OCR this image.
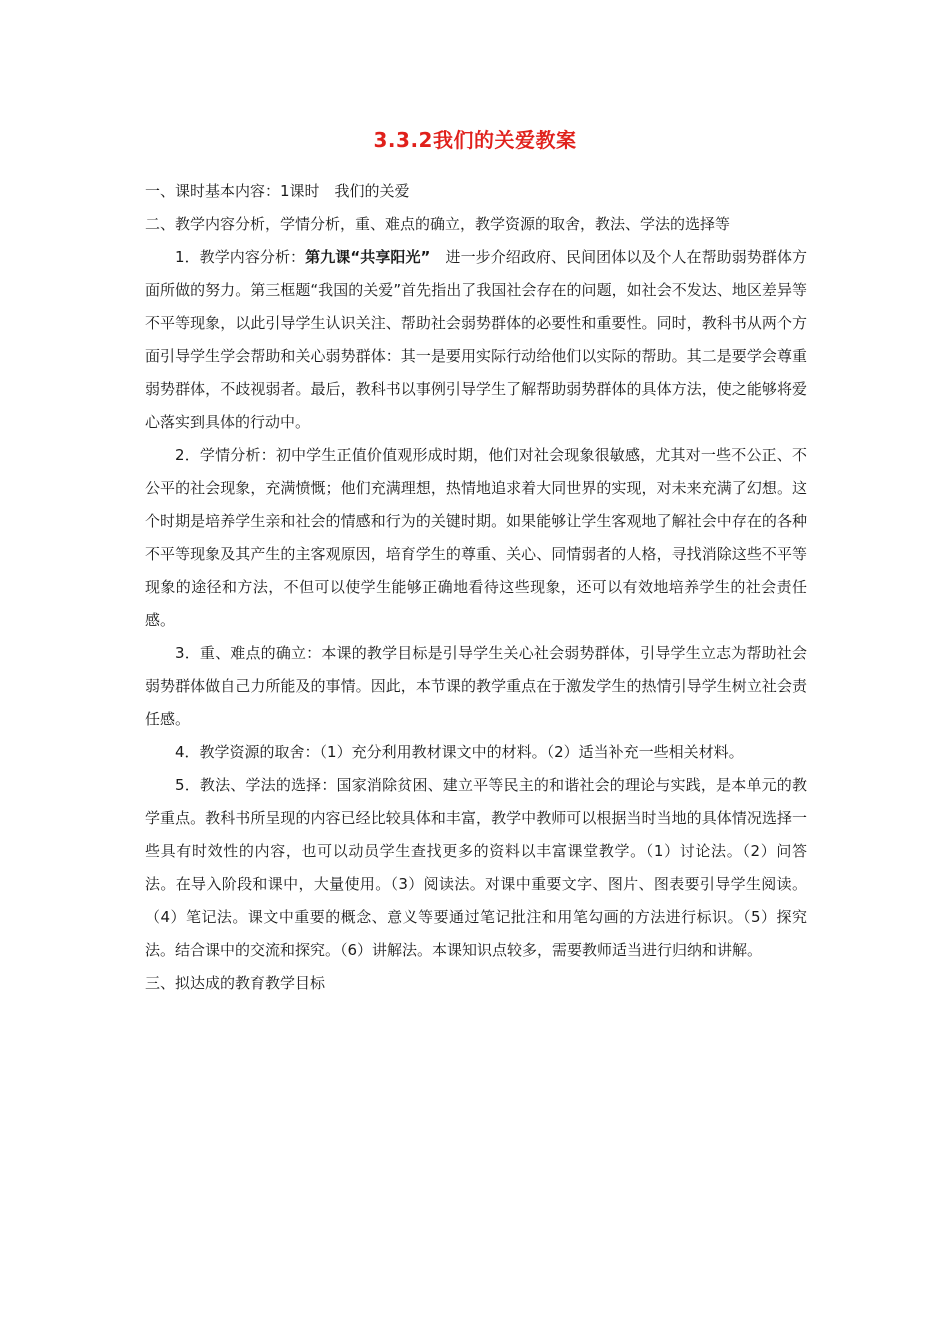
3.3.2我们的关爱教案

一、课时基本内容：1课时　我们的关爱

二、教学内容分析，学情分析，重、难点的确立，教学资源的取舍，教法、学法的选择等

1．教学内容分析：第九课“共享阳光”　进一步介绍政府、民间团体以及个人在帮助弱势群体方面所做的努力。第三框题“我国的关爱”首先指出了我国社会存在的问题，如社会不发达、地区差异等不平等现象，以此引导学生认识关注、帮助社会弱势群体的必要性和重要性。同时，教科书从两个方面引导学生学会帮助和关心弱势群体：其一是要用实际行动给他们以实际的帮助。其二是要学会尊重弱势群体，不歧视弱者。最后，教科书以事例引导学生了解帮助弱势群体的具体方法，使之能够将爱心落实到具体的行动中。

2．学情分析：初中学生正值价值观形成时期，他们对社会现象很敏感，尤其对一些不公正、不公平的社会现象，充满愤慨；他们充满理想，热情地追求着大同世界的实现，对未来充满了幻想。这个时期是培养学生亲和社会的情感和行为的关键时期。如果能够让学生客观地了解社会中存在的各种不平等现象及其产生的主客观原因，培育学生的尊重、关心、同情弱者的人格，寻找消除这些不平等现象的途径和方法，不但可以使学生能够正确地看待这些现象，还可以有效地培养学生的社会责任感。

3．重、难点的确立：本课的教学目标是引导学生关心社会弱势群体，引导学生立志为帮助社会弱势群体做自己力所能及的事情。因此，本节课的教学重点在于激发学生的热情引导学生树立社会责任感。

4．教学资源的取舍：（1）充分利用教材课文中的材料。（2）适当补充一些相关材料。

5．教法、学法的选择：国家消除贫困、建立平等民主的和谐社会的理论与实践，是本单元的教学重点。教科书所呈现的内容已经比较具体和丰富，教学中教师可以根据当时当地的具体情况选择一些具有时效性的内容，也可以动员学生查找更多的资料以丰富课堂教学。（1）讨论法。（2）问答法。在导入阶段和课中，大量使用。（3）阅读法。对课中重要文字、图片、图表要引导学生阅读。（4）笔记法。课文中重要的概念、意义等要通过笔记批注和用笔勾画的方法进行标识。（5）探究法。结合课中的交流和探究。（6）讲解法。本课知识点较多，需要教师适当进行归纳和讲解。

三、拟达成的教育教学目标
